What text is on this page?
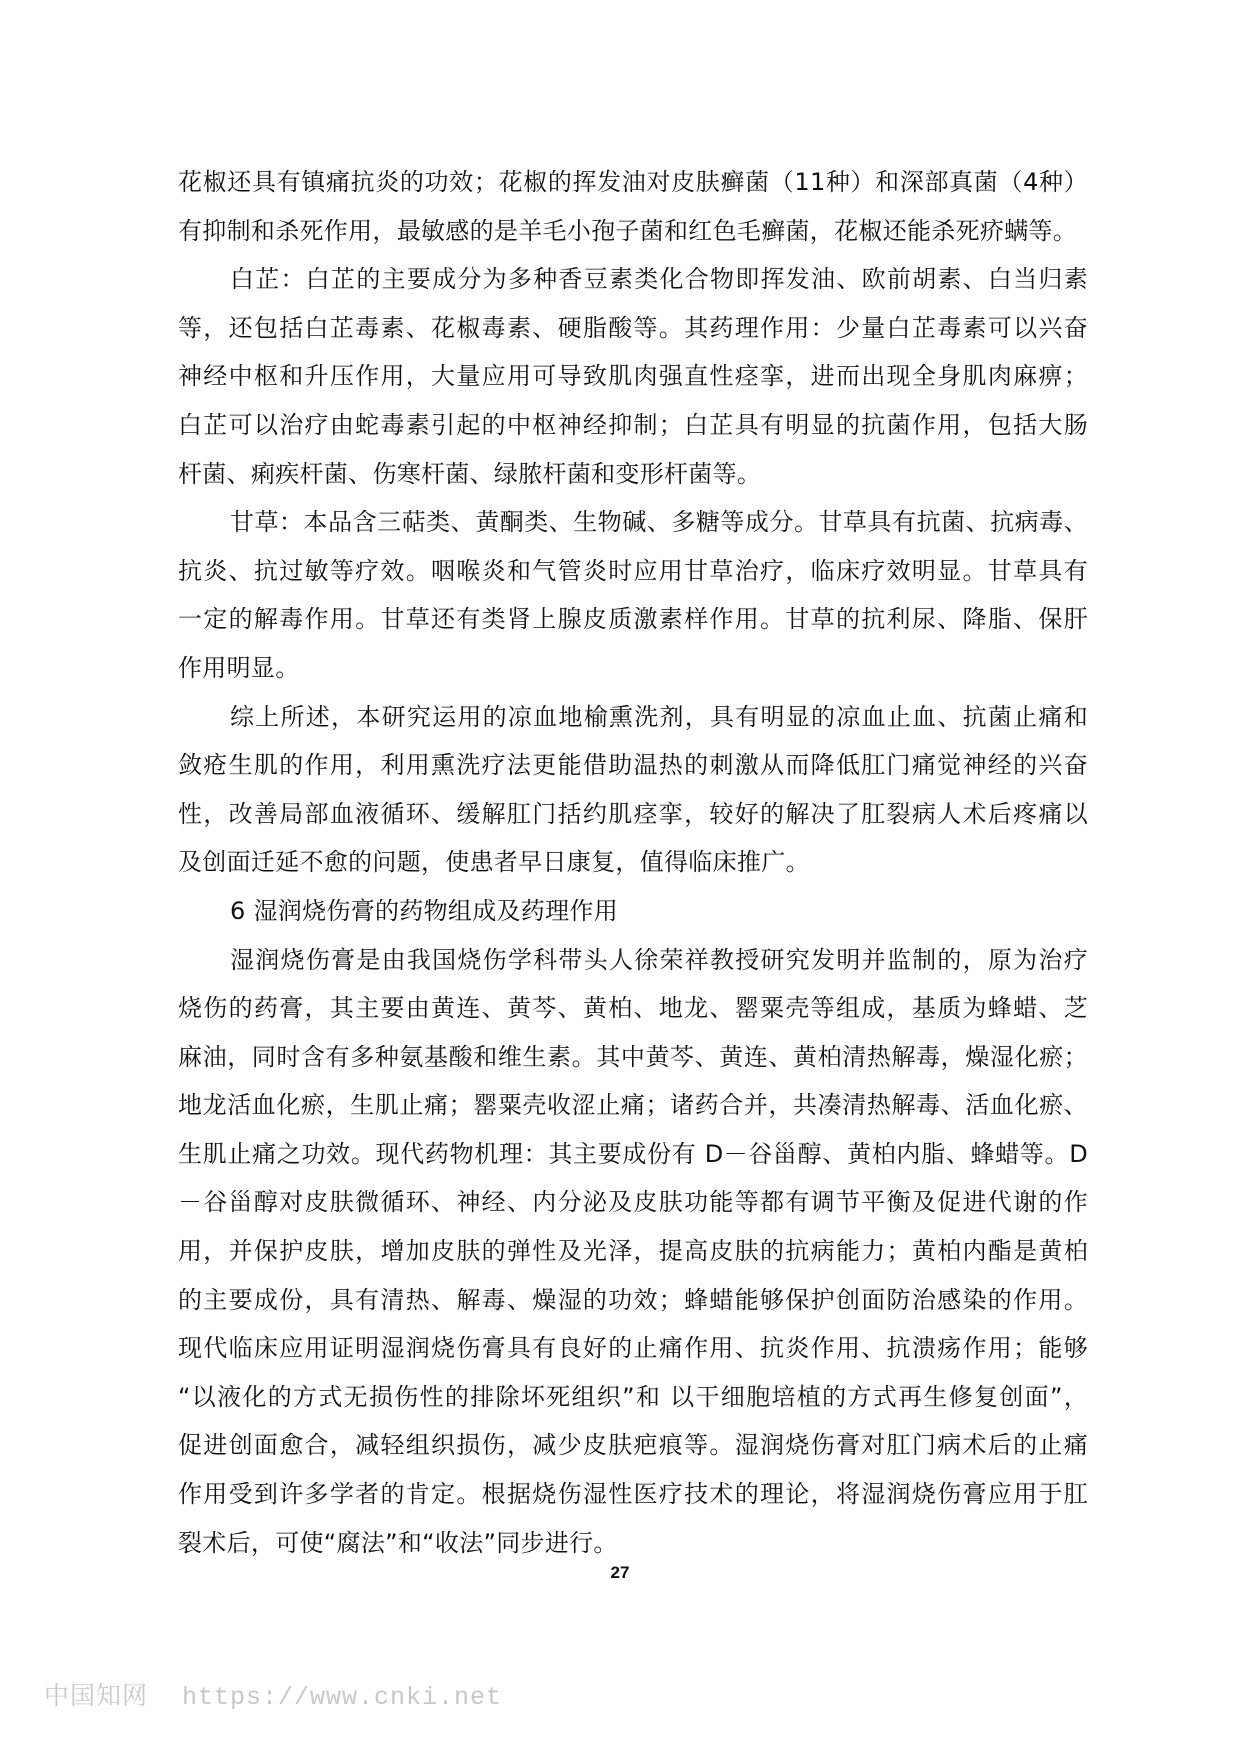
花椒还具有镇痛抗炎的功效；花椒的挥发油对皮肤癣菌（11种）和深部真菌（4种）
有抑制和杀死作用，最敏感的是羊毛小孢子菌和红色毛癣菌，花椒还能杀死疥螨等。
白芷：白芷的主要成分为多种香豆素类化合物即挥发油、欧前胡素、白当归素
等，还包括白芷毒素、花椒毒素、硬脂酸等。其药理作用：少量白芷毒素可以兴奋
神经中枢和升压作用，大量应用可导致肌肉强直性痉挛，进而出现全身肌肉麻痹；
白芷可以治疗由蛇毒素引起的中枢神经抑制；白芷具有明显的抗菌作用，包括大肠
杆菌、痢疾杆菌、伤寒杆菌、绿脓杆菌和变形杆菌等。
甘草：本品含三萜类、黄酮类、生物碱、多糖等成分。甘草具有抗菌、抗病毒、
抗炎、抗过敏等疗效。咽喉炎和气管炎时应用甘草治疗，临床疗效明显。甘草具有
一定的解毒作用。甘草还有类肾上腺皮质激素样作用。甘草的抗利尿、降脂、保肝
作用明显。
综上所述，本研究运用的凉血地榆熏洗剂，具有明显的凉血止血、抗菌止痛和
敛疮生肌的作用，利用熏洗疗法更能借助温热的刺激从而降低肛门痛觉神经的兴奋
性，改善局部血液循环、缓解肛门括约肌痉挛，较好的解决了肛裂病人术后疼痛以
及创面迁延不愈的问题，使患者早日康复，值得临床推广。
6 湿润烧伤膏的药物组成及药理作用
湿润烧伤膏是由我国烧伤学科带头人徐荣祥教授研究发明并监制的，原为治疗
烧伤的药膏，其主要由黄连、黄芩、黄柏、地龙、罂粟壳等组成，基质为蜂蜡、芝
麻油，同时含有多种氨基酸和维生素。其中黄芩、黄连、黄柏清热解毒，燥湿化瘀；
地龙活血化瘀，生肌止痛；罂粟壳收涩止痛；诸药合并，共凑清热解毒、活血化瘀、
生肌止痛之功效。现代药物机理：其主要成份有 D－谷甾醇、黄柏内脂、蜂蜡等。D
－谷甾醇对皮肤微循环、神经、内分泌及皮肤功能等都有调节平衡及促进代谢的作
用，并保护皮肤，增加皮肤的弹性及光泽，提高皮肤的抗病能力；黄柏内酯是黄柏
的主要成份，具有清热、解毒、燥湿的功效；蜂蜡能够保护创面防治感染的作用。
现代临床应用证明湿润烧伤膏具有良好的止痛作用、抗炎作用、抗溃疡作用；能够
“以液化的方式无损伤性的排除坏死组织”和 以干细胞培植的方式再生修复创面”，
促进创面愈合，减轻组织损伤，减少皮肤疤痕等。湿润烧伤膏对肛门病术后的止痛
作用受到许多学者的肯定。根据烧伤湿性医疗技术的理论，将湿润烧伤膏应用于肛
裂术后，可使“腐法”和“收法”同步进行。
27
中国知网 https://www.cnki.net
